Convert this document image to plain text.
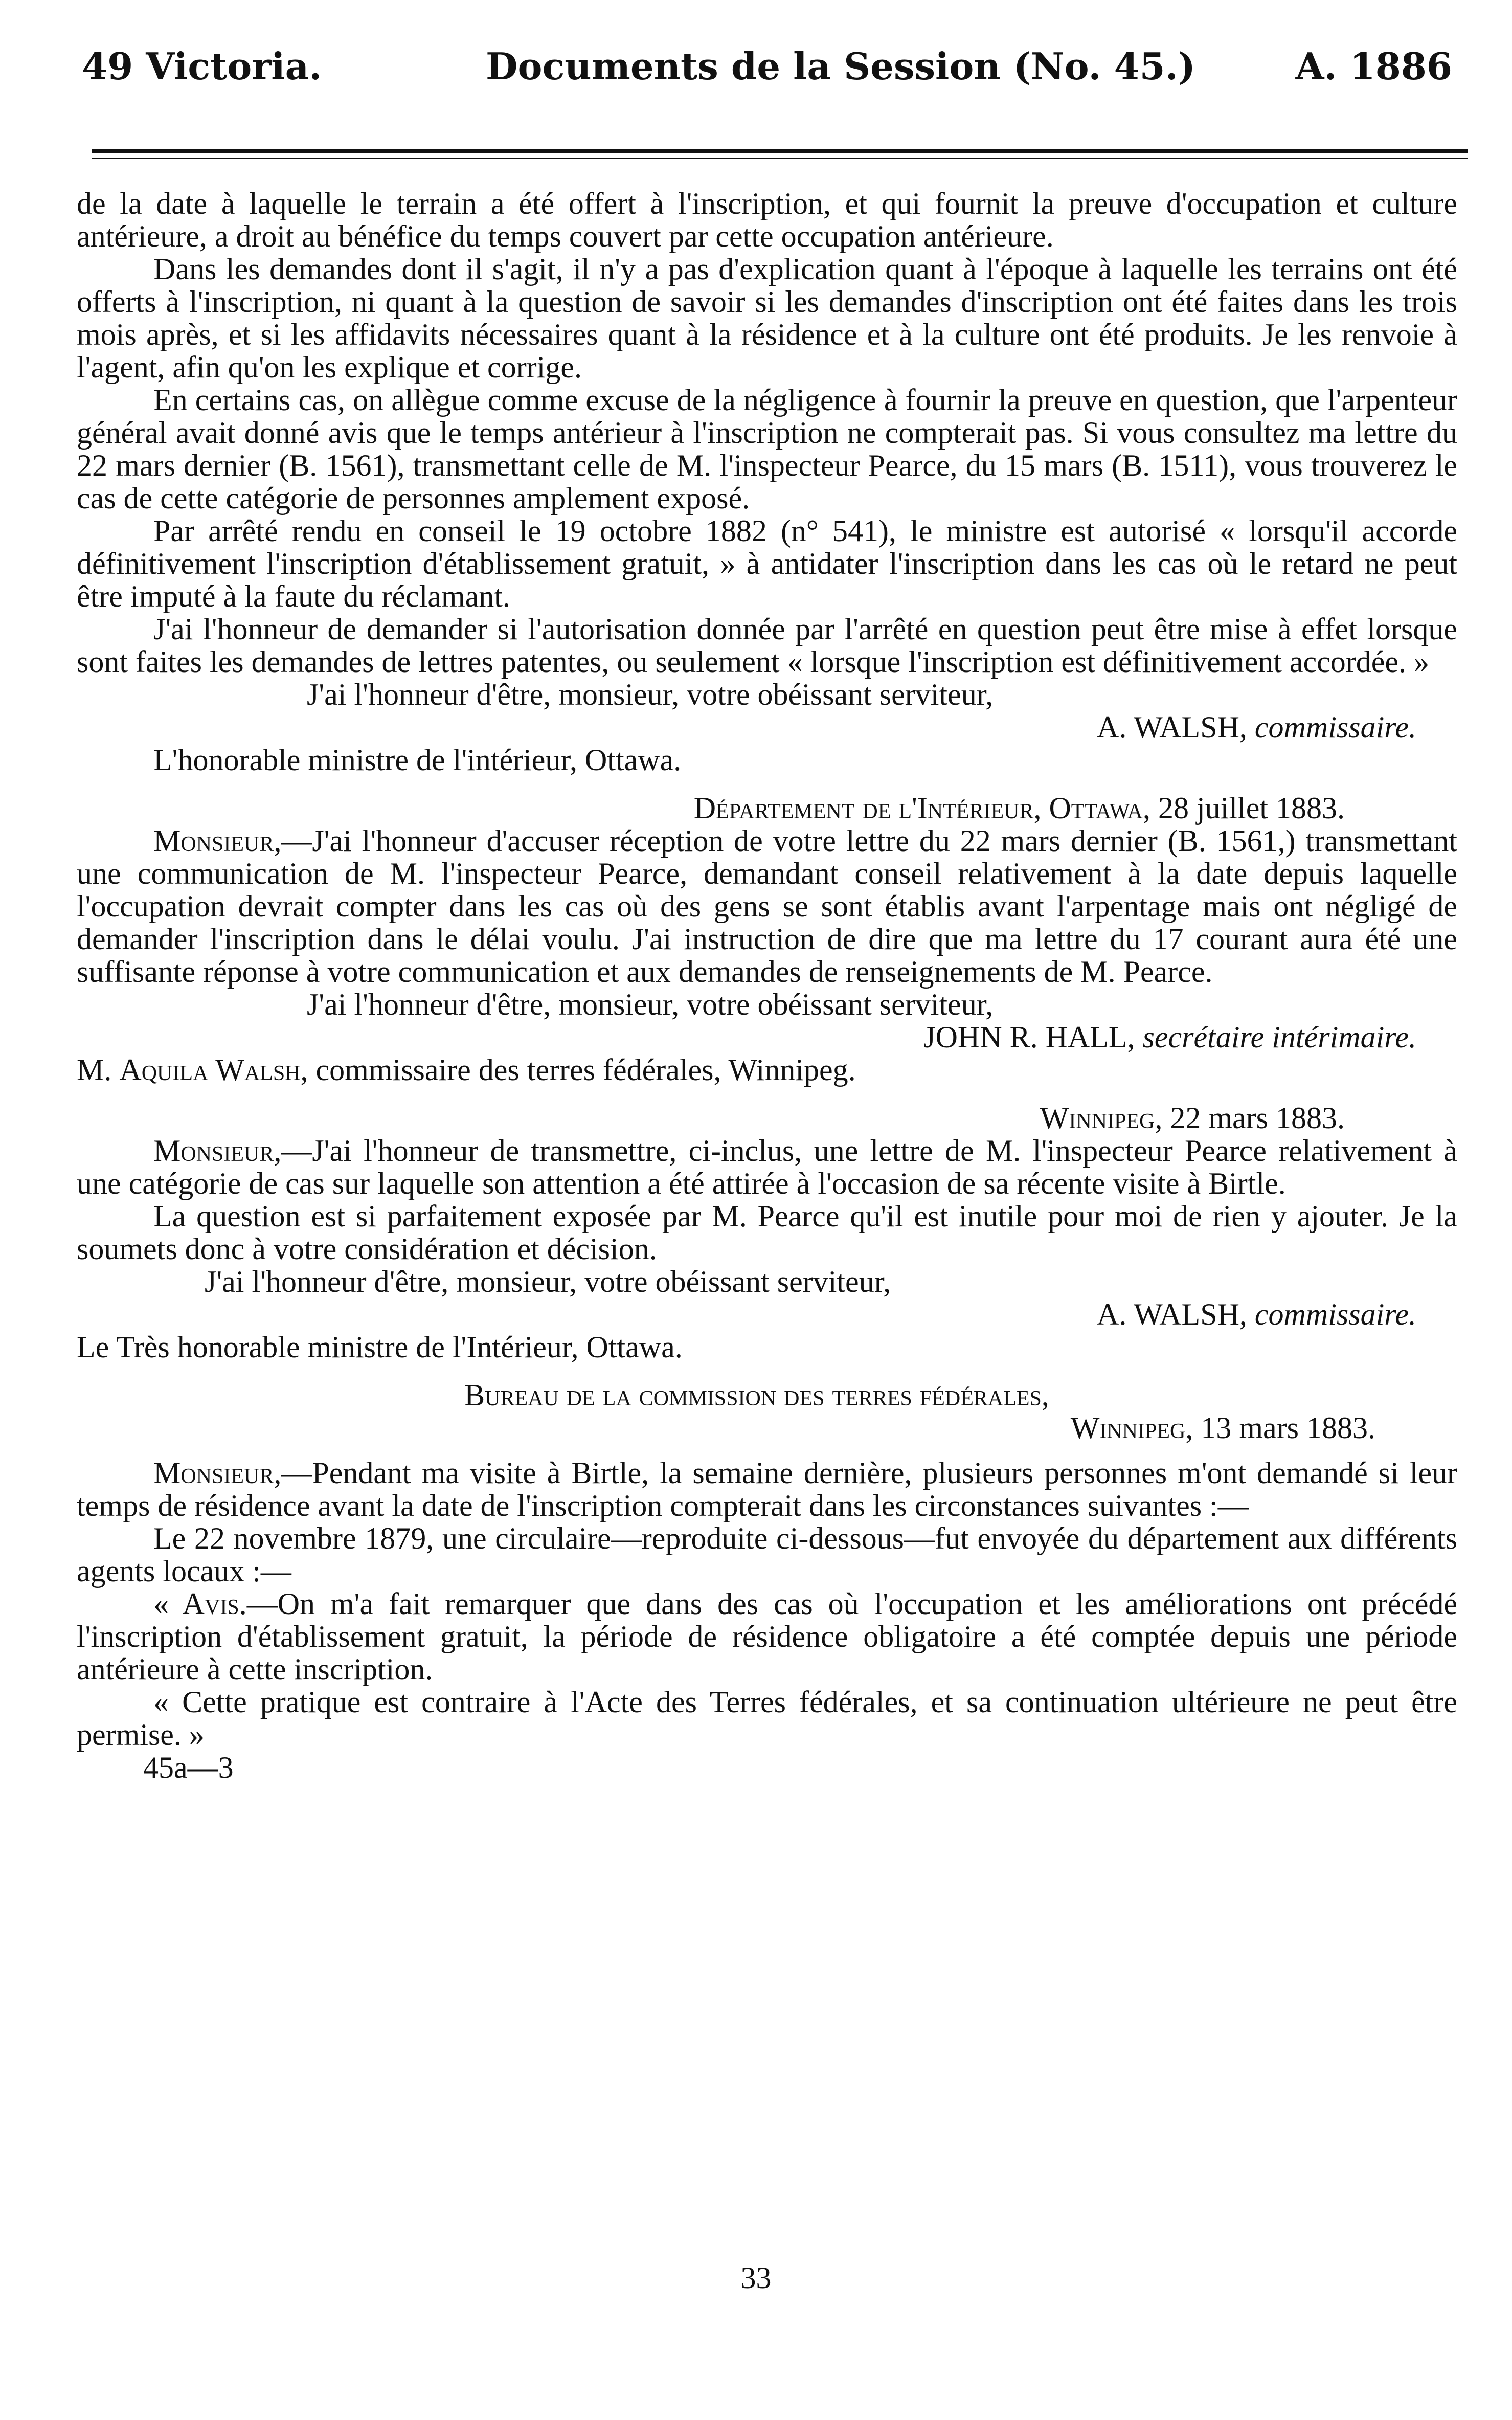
49 Victoria.	Documents de la Session (No. 45.)	A. 1886

de la date à laquelle le terrain a été offert à l'inscription, et qui fournit la preuve d'occupation et culture antérieure, a droit au bénéfice du temps couvert par cette occupation antérieure.

Dans les demandes dont il s'agit, il n'y a pas d'explication quant à l'époque à laquelle les terrains ont été offerts à l'inscription, ni quant à la question de savoir si les demandes d'inscription ont été faites dans les trois mois après, et si les affidavits nécessaires quant à la résidence et à la culture ont été produits. Je les renvoie à l'agent, afin qu'on les explique et corrige.

En certains cas, on allègue comme excuse de la négligence à fournir la preuve en question, que l'arpenteur général avait donné avis que le temps antérieur à l'inscription ne compterait pas. Si vous consultez ma lettre du 22 mars dernier (B. 1561), transmettant celle de M. l'inspecteur Pearce, du 15 mars (B. 1511), vous trouverez le cas de cette catégorie de personnes amplement exposé.

Par arrêté rendu en conseil le 19 octobre 1882 (n° 541), le ministre est autorisé « lorsqu'il accorde définitivement l'inscription d'établissement gratuit, » à antidater l'inscription dans les cas où le retard ne peut être imputé à la faute du réclamant.

J'ai l'honneur de demander si l'autorisation donnée par l'arrêté en question peut être mise à effet lorsque sont faites les demandes de lettres patentes, ou seulement « lorsque l'inscription est définitivement accordée. »

J'ai l'honneur d'être, monsieur, votre obéissant serviteur,

A. WALSH, commissaire.

L'honorable ministre de l'intérieur, Ottawa.

Département de l'Intérieur, Ottawa, 28 juillet 1883.

Monsieur,—J'ai l'honneur d'accuser réception de votre lettre du 22 mars dernier (B. 1561,) transmettant une communication de M. l'inspecteur Pearce, demandant conseil relativement à la date depuis laquelle l'occupation devrait compter dans les cas où des gens se sont établis avant l'arpentage mais ont négligé de demander l'inscription dans le délai voulu. J'ai instruction de dire que ma lettre du 17 courant aura été une suffisante réponse à votre communication et aux demandes de renseignements de M. Pearce.

J'ai l'honneur d'être, monsieur, votre obéissant serviteur,

JOHN R. HALL, secrétaire intérimaire.

M. Aquila Walsh, commissaire des terres fédérales, Winnipeg.

Winnipeg, 22 mars 1883.

Monsieur,—J'ai l'honneur de transmettre, ci-inclus, une lettre de M. l'inspecteur Pearce relativement à une catégorie de cas sur laquelle son attention a été attirée à l'occasion de sa récente visite à Birtle.

La question est si parfaitement exposée par M. Pearce qu'il est inutile pour moi de rien y ajouter. Je la soumets donc à votre considération et décision.

J'ai l'honneur d'être, monsieur, votre obéissant serviteur,

A. WALSH, commissaire.

Le Très honorable ministre de l'Intérieur, Ottawa.

Bureau de la commission des terres fédérales,

Winnipeg, 13 mars 1883.

Monsieur,—Pendant ma visite à Birtle, la semaine dernière, plusieurs personnes m'ont demandé si leur temps de résidence avant la date de l'inscription compterait dans les circonstances suivantes :—

Le 22 novembre 1879, une circulaire—reproduite ci-dessous—fut envoyée du département aux différents agents locaux :—

« Avis.—On m'a fait remarquer que dans des cas où l'occupation et les améliorations ont précédé l'inscription d'établissement gratuit, la période de résidence obligatoire a été comptée depuis une période antérieure à cette inscription.

« Cette pratique est contraire à l'Acte des Terres fédérales, et sa continuation ultérieure ne peut être permise. »

45a—3

33
